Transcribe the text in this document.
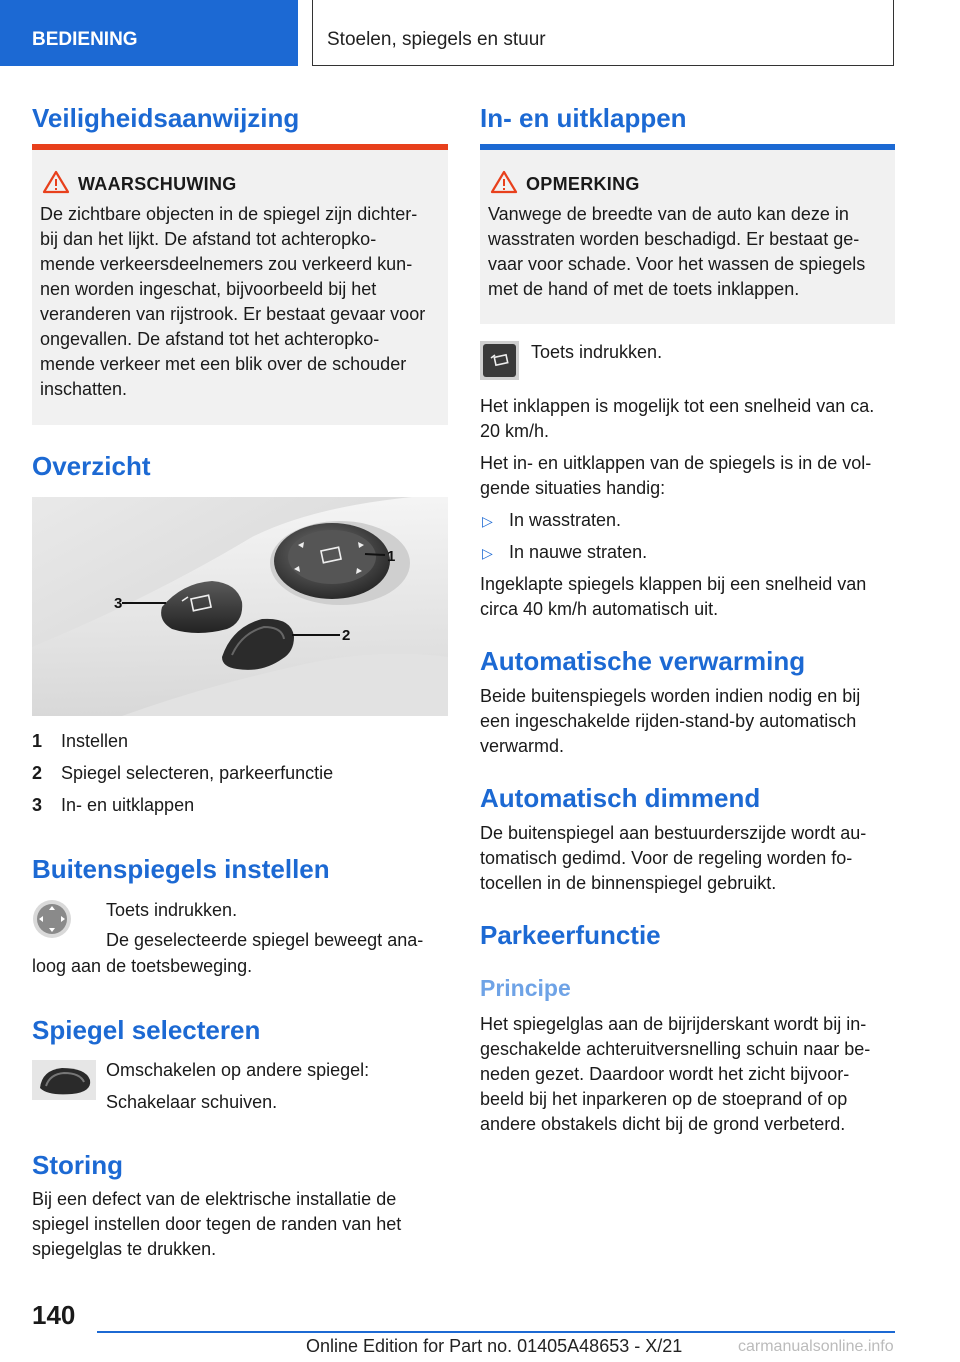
BEDIENING	Stoelen, spiegels en stuur
Veiligheidsaanwijzing
WAARSCHUWING
De zichtbare objecten in de spiegel zijn dichter-
bij dan het lijkt. De afstand tot achteropko-
mende verkeersdeelnemers zou verkeerd kun-
nen worden ingeschat, bijvoorbeeld bij het
veranderen van rijstrook. Er bestaat gevaar voor
ongevallen. De afstand tot het achteropko-
mende verkeer met een blik over de schouder
inschatten.
Overzicht
1
3
2
1 Instellen
2 Spiegel selecteren, parkeerfunctie
3 In- en uitklappen
Buitenspiegels instellen
Toets indrukken.
De geselecteerde spiegel beweegt ana-
loog aan de toetsbeweging.
Spiegel selecteren
Omschakelen op andere spiegel:
Schakelaar schuiven.
Storing
Bij een defect van de elektrische installatie de
spiegel instellen door tegen de randen van het
spiegelglas te drukken.
In- en uitklappen
OPMERKING
Vanwege de breedte van de auto kan deze in
wasstraten worden beschadigd. Er bestaat ge-
vaar voor schade. Voor het wassen de spiegels
met de hand of met de toets inklappen.
Toets indrukken.
Het inklappen is mogelijk tot een snelheid van ca.
20 km/h.
Het in- en uitklappen van de spiegels is in de vol-
gende situaties handig:
▷ In wasstraten.
▷ In nauwe straten.
Ingeklapte spiegels klappen bij een snelheid van
circa 40 km/h automatisch uit.
Automatische verwarming
Beide buitenspiegels worden indien nodig en bij
een ingeschakelde rijden-stand-by automatisch
verwarmd.
Automatisch dimmend
De buitenspiegel aan bestuurderszijde wordt au-
tomatisch gedimd. Voor de regeling worden fo-
tocellen in de binnenspiegel gebruikt.
Parkeerfunctie
Principe
Het spiegelglas aan de bijrijderskant wordt bij in-
geschakelde achteruitversnelling schuin naar be-
neden gezet. Daardoor wordt het zicht bijvoor-
beeld bij het inparkeren op de stoeprand of op
andere obstakels dicht bij de grond verbeterd.
140
Online Edition for Part no. 01405A48653 - X/21	carmanualsonline.info
